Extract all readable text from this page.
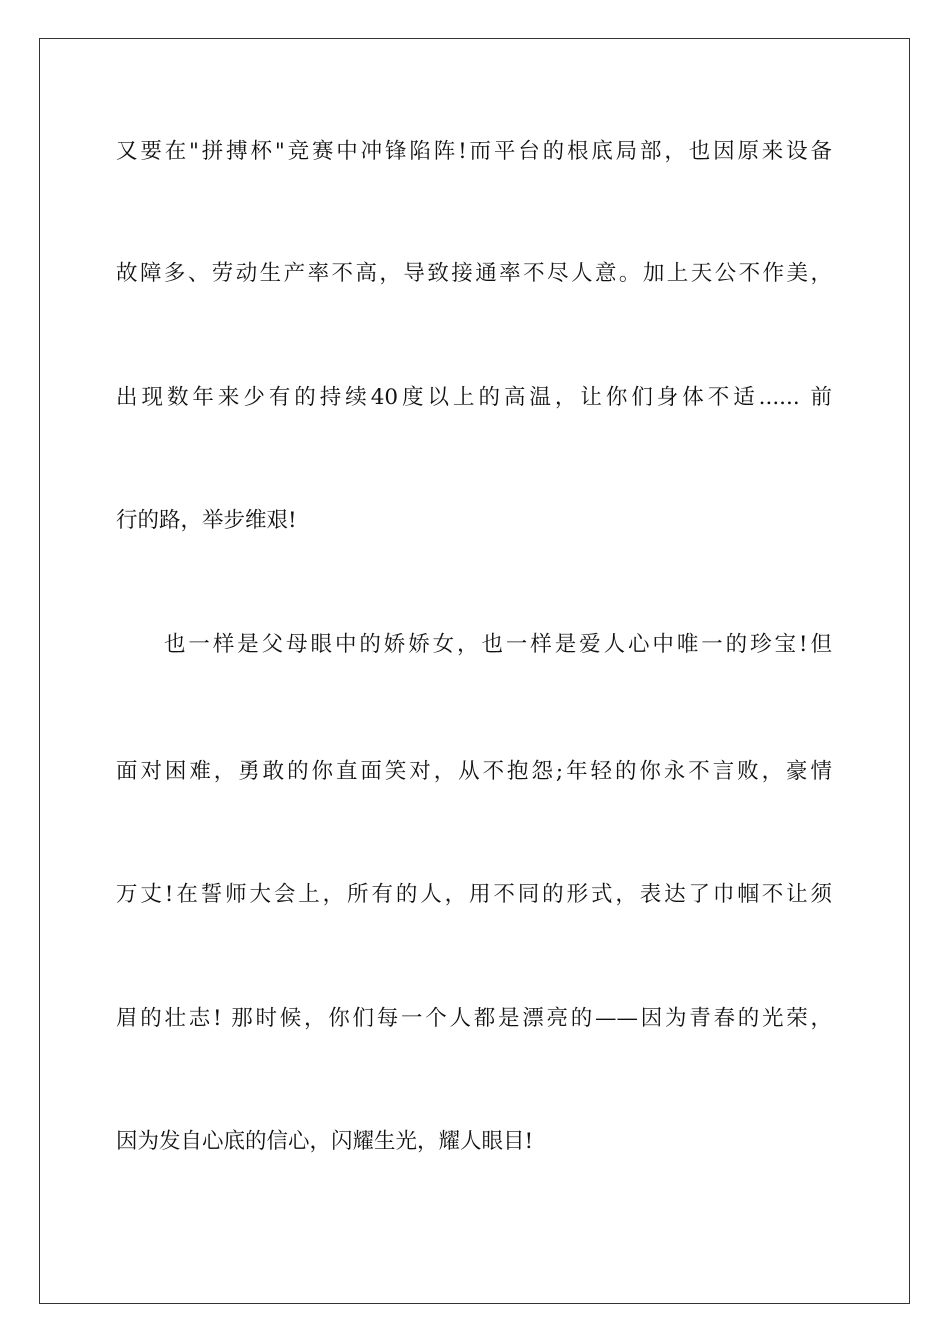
又要在"拼搏杯"竞赛中冲锋陷阵!而平台的根底局部，也因原来设备
故障多、劳动生产率不高，导致接通率不尽人意。加上天公不作美，
出现数年来少有的持续40度以上的高温，让你们身体不适...... 前
行的路，举步维艰!
也一样是父母眼中的娇娇女，也一样是爱人心中唯一的珍宝!但
面对困难，勇敢的你直面笑对，从不抱怨;年轻的你永不言败，豪情
万丈!在誓师大会上，所有的人，用不同的形式，表达了巾帼不让须
眉的壮志! 那时候，你们每一个人都是漂亮的——因为青春的光荣，
因为发自心底的信心，闪耀生光，耀人眼目!
